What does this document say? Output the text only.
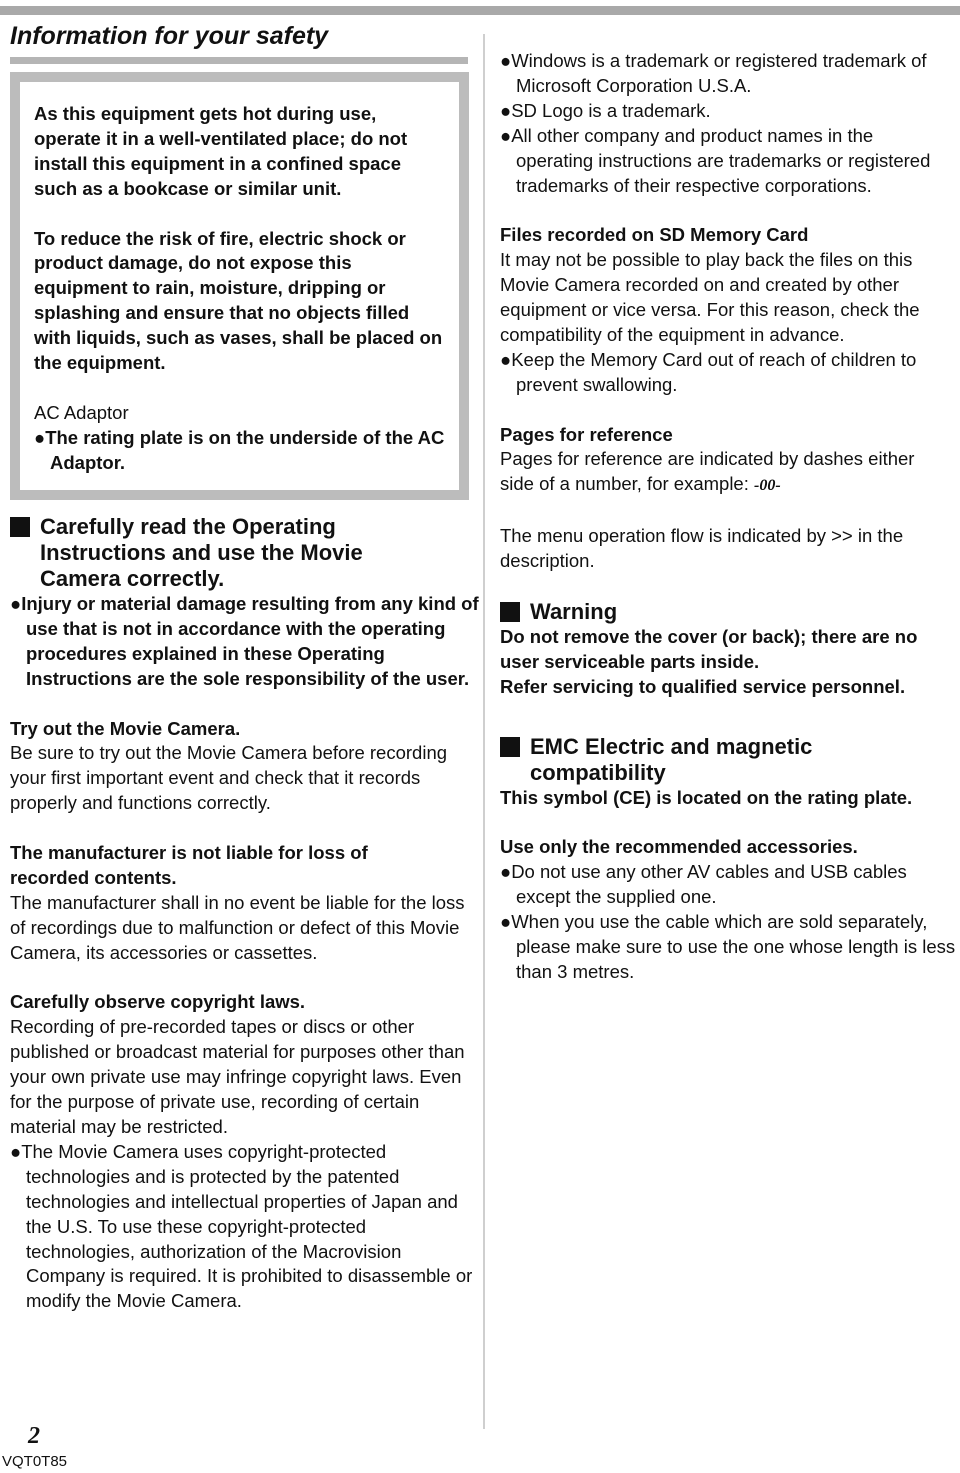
Information for your safety

As this equipment gets hot during use, operate it in a well-ventilated place; do not install this equipment in a confined space such as a bookcase or similar unit.

To reduce the risk of fire, electric shock or product damage, do not expose this equipment to rain, moisture, dripping or splashing and ensure that no objects filled with liquids, such as vases, shall be placed on the equipment.

AC Adaptor

●The rating plate is on the underside of the AC Adaptor.

Carefully read the Operating Instructions and use the Movie Camera correctly.

●Injury or material damage resulting from any kind of use that is not in accordance with the operating procedures explained in these Operating Instructions are the sole responsibility of the user.

Try out the Movie Camera.

Be sure to try out the Movie Camera before recording your first important event and check that it records properly and functions correctly.

The manufacturer is not liable for loss of recorded contents.

The manufacturer shall in no event be liable for the loss of recordings due to malfunction or defect of this Movie Camera, its accessories or cassettes.

Carefully observe copyright laws.

Recording of pre-recorded tapes or discs or other published or broadcast material for purposes other than your own private use may infringe copyright laws. Even for the purpose of private use, recording of certain material may be restricted.

●The Movie Camera uses copyright-protected technologies and is protected by the patented technologies and intellectual properties of Japan and the U.S. To use these copyright-protected technologies, authorization of the Macrovision Company is required. It is prohibited to disassemble or modify the Movie Camera.

●Windows is a trademark or registered trademark of Microsoft Corporation U.S.A.

●SD Logo is a trademark.

●All other company and product names in the operating instructions are trademarks or registered trademarks of their respective corporations.

Files recorded on SD Memory Card

It may not be possible to play back the files on this Movie Camera recorded on and created by other equipment or vice versa. For this reason, check the compatibility of the equipment in advance.

●Keep the Memory Card out of reach of children to prevent swallowing.

Pages for reference

Pages for reference are indicated by dashes either side of a number, for example: -00-

The menu operation flow is indicated by >> in the description.

Warning

Do not remove the cover (or back); there are no user serviceable parts inside.

Refer servicing to qualified service personnel.

EMC Electric and magnetic compatibility

This symbol (CE) is located on the rating plate.

Use only the recommended accessories.

●Do not use any other AV cables and USB cables except the supplied one.

●When you use the cable which are sold separately, please make sure to use the one whose length is less than 3 metres.

2
VQT0T85
